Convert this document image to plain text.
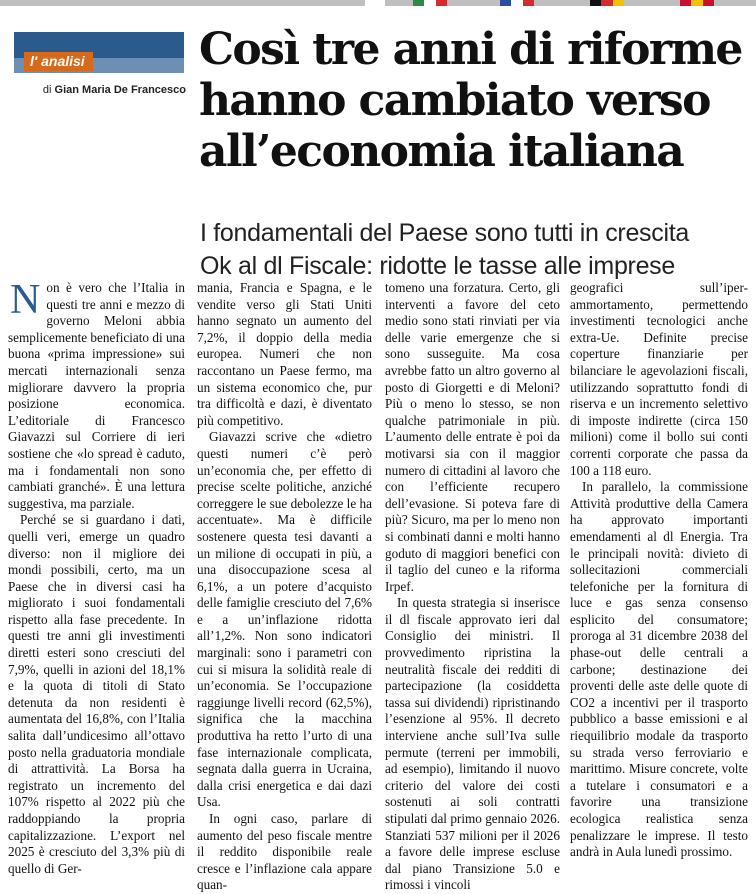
l' analisi
di Gian Maria De Francesco
Così tre anni di riforme
hanno cambiato verso
all’economia italiana
I fondamentali del Paese sono tutti in crescita
Ok al dl Fiscale: ridotte le tasse alle imprese

Non è vero che l’Italia in questi tre anni e mezzo di governo Meloni abbia semplicemente beneficiato di una buona «prima impressione» sui mercati internazionali senza migliorare davvero la propria posizione economica. L’editoriale di Francesco Giavazzi sul Corriere di ieri sostiene che «lo spread è caduto, ma i fondamentali non sono cambiati granché». È una lettura suggestiva, ma parziale.

Perché se si guardano i dati, quelli veri, emerge un quadro diverso: non il migliore dei mondi possibili, certo, ma un Paese che in diversi casi ha migliorato i suoi fondamentali rispetto alla fase precedente. In questi tre anni gli investimenti diretti esteri sono cresciuti del 7,9%, quelli in azioni del 18,1% e la quota di titoli di Stato detenuta da non residenti è aumentata del 16,8%, con l’Italia salita dall’undicesimo all’ottavo posto nella graduatoria mondiale di attrattività. La Borsa ha registrato un incremento del 107% rispetto al 2022 più che raddoppiando la propria capitalizzazione. L’export nel 2025 è cresciuto del 3,3% più di quello di Ger-

mania, Francia e Spagna, e le vendite verso gli Stati Uniti hanno segnato un aumento del 7,2%, il doppio della media europea. Numeri che non raccontano un Paese fermo, ma un sistema economico che, pur tra difficoltà e dazi, è diventato più competitivo.

Giavazzi scrive che «dietro questi numeri c’è però un’economia che, per effetto di precise scelte politiche, anziché correggere le sue debolezze le ha accentuate». Ma è difficile sostenere questa tesi davanti a un milione di occupati in più, a una disoccupazione scesa al 6,1%, a un potere d’acquisto delle famiglie cresciuto del 7,6% e a un’inflazione ridotta all’1,2%. Non sono indicatori marginali: sono i parametri con cui si misura la solidità reale di un’economia. Se l’occupazione raggiunge livelli record (62,5%), significa che la macchina produttiva ha retto l’urto di una fase internazionale complicata, segnata dalla guerra in Ucraina, dalla crisi energetica e dai dazi Usa.

In ogni caso, parlare di aumento del peso fiscale mentre il reddito disponibile reale cresce e l’inflazione cala appare quan-

tomeno una forzatura. Certo, gli interventi a favore del ceto medio sono stati rinviati per via delle varie emergenze che si sono susseguite. Ma cosa avrebbe fatto un altro governo al posto di Giorgetti e di Meloni? Più o meno lo stesso, se non qualche patrimoniale in più. L’aumento delle entrate è poi da motivarsi sia con il maggior numero di cittadini al lavoro che con l’efficiente recupero dell’evasione. Si poteva fare di più? Sicuro, ma per lo meno non si combinati danni e molti hanno goduto di maggiori benefici con il taglio del cuneo e la riforma Irpef.

In questa strategia si inserisce il dl fiscale approvato ieri dal Consiglio dei ministri. Il provvedimento ripristina la neutralità fiscale dei redditi di partecipazione (la cosiddetta tassa sui dividendi) ripristinando l’esenzione al 95%. Il decreto interviene anche sull’Iva sulle permute (terreni per immobili, ad esempio), limitando il nuovo criterio del valore dei costi sostenuti ai soli contratti stipulati dal primo gennaio 2026. Stanziati 537 milioni per il 2026 a favore delle imprese escluse dal piano Transizione 5.0 e rimossi i vincoli

geografici sull’iper-ammortamento, permettendo investimenti tecnologici anche extra-Ue. Definite precise coperture finanziarie per bilanciare le agevolazioni fiscali, utilizzando soprattutto fondi di riserva e un incremento selettivo di imposte indirette (circa 150 milioni) come il bollo sui conti correnti corporate che passa da 100 a 118 euro.

In parallelo, la commissione Attività produttive della Camera ha approvato importanti emendamenti al dl Energia. Tra le principali novità: divieto di sollecitazioni commerciali telefoniche per la fornitura di luce e gas senza consenso esplicito del consumatore; proroga al 31 dicembre 2038 del phase-out delle centrali a carbone; destinazione dei proventi delle aste delle quote di CO2 a incentivi per il trasporto pubblico a basse emissioni e al riequilibrio modale da trasporto su strada verso ferroviario e marittimo. Misure concrete, volte a tutelare i consumatori e a favorire una transizione ecologica realistica senza penalizzare le imprese. Il testo andrà in Aula lunedì prossimo.
